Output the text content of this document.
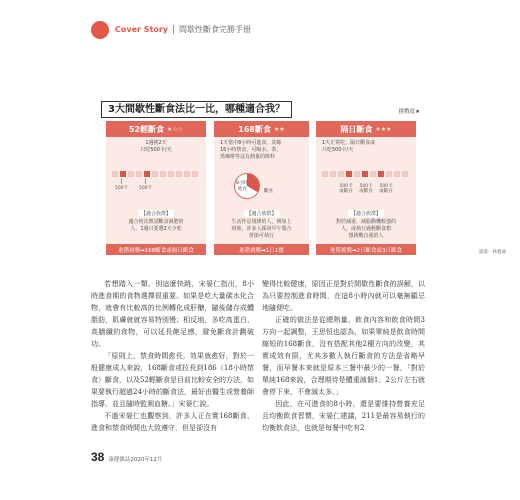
Cover Story 間歇性斷食完勝手冊
3大間歇性斷食法比一比，哪種適合我？	挑戰度★
52輕斷食 ★☆☆
1週挑2天
只吃500卡/天
500卡 500卡
【適合族群】
適合初次嘗試斷食減肥的
人，1週只要選2天少吃
進階挑戰➡168斷食或隔日斷食
168斷食 ★★
1天當中8小時可進食，其餘
16小時禁食，可喝水、茶、
黑咖啡等沒有熱量的飲料
8小時
進食	斷食
【適合族群】
生活作息規律的人，例如上
班族，許多人採用早午餐合
併節可執行
進階挑戰➡1日1餐
隔日斷食 ★★★
1天正常吃，隔日斷食或
只吃500卡/天
500卡
或斷食
500卡
或斷食
500卡
或斷食
【適合族群】
對於減重、減脂動機較強的
人，或執行過輕斷食想
想挑戰自我的人
進階挑戰➡2日斷食或3日斷食	插畫：林雅涵

若想踏入一類、別這麼快跳，宋晏仁指出，8小時進食期的食物選擇很重要。如果是吃大量碳水化合物，就會有比較高的比例轉化成肝醣，隨後儲存成體脂肪，肌膚就就容易特別慢；相反地，多吃高蛋白、高膳纖的食物，可以延長飽足感，避免斷食計劃破功。

「原則上，禁食時間愈長，效果就愈好，對於一般健康成人來說，168斷食或拉長到186（18小時禁食）斷食，以及52輕斷食是目前比較安全的方法，如果要執行超過24小時的斷食法，最好由醫生或營養師指導，並且隨時監測血糖。」宋晏仁說。

不過宋晏仁也觀察到，許多人正在實168斷食，進食和禁食時間也大致遵守，但是卻沒有

變得比較健康，原因正是對於間歇性斷食的誤解，以為只要控制進食時間，在這8小時內就可以毫無顧忌地隨便吃。

正確的做法是從總熱量、飲食內容和飲食時間3方向一起調整，王思恒也認為，如果單純是飲食時間縮短的168斷食，沒有搭配其他2種方向的改變，其實成效有限，尤其多數人執行斷食的方法是省略早餐，而早餐本來就是原本三餐中最少的一餐，「對於單純168來說，合理期待是體重減個1、2公斤左右就會停下來，不會減太多。」

因此，在可進食的8小時，還是要維持營養充足且均衡飲食習慣，宋晏仁建議，211是最容易執行的均衡飲食法，也就是每餐中吃有2

38 康健雜誌2020年12月
